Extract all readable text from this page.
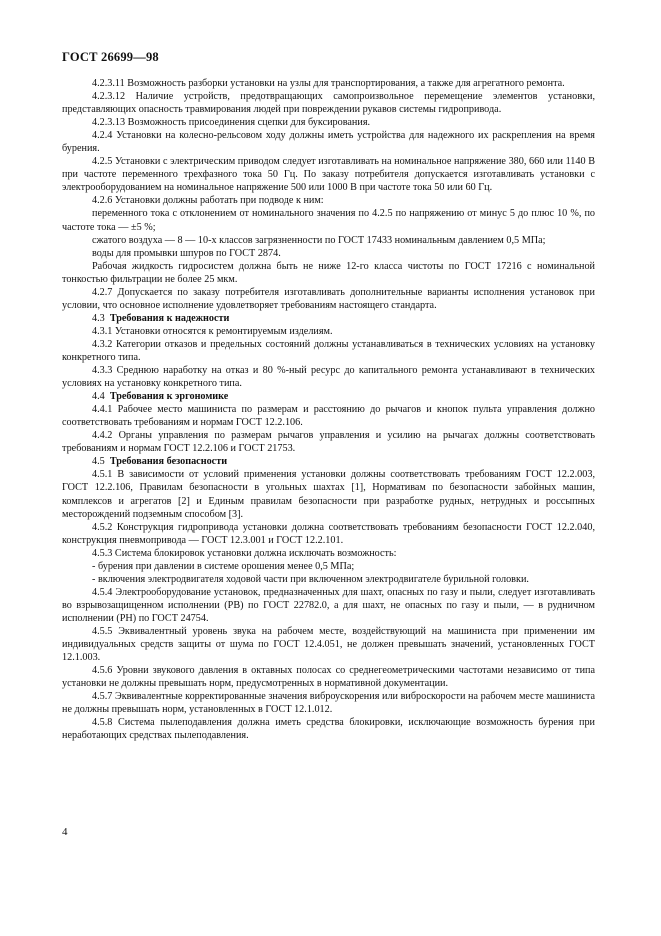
ГОСТ 26699—98

4.2.3.11 Возможность разборки установки на узлы для транспортирования, а также для агрегатного ремонта.

4.2.3.12 Наличие устройств, предотвращающих самопроизвольное перемещение элементов установки, представляющих опасность травмирования людей при повреждении рукавов системы гидропривода.

4.2.3.13 Возможность присоединения сцепки для буксирования.

4.2.4 Установки на колесно-рельсовом ходу должны иметь устройства для надежного их раскрепления на время бурения.

4.2.5 Установки с электрическим приводом следует изготавливать на номинальное напряжение 380, 660 или 1140 В при частоте переменного трехфазного тока 50 Гц. По заказу потребителя допускается изготавливать установки с электрооборудованием на номинальное напряжение 500 или 1000 В при частоте тока 50 или 60 Гц.

4.2.6 Установки должны работать при подводе к ним:

переменного тока с отклонением от номинального значения по 4.2.5 по напряжению от минус 5 до плюс 10 %, по частоте тока — ±5 %;

сжатого воздуха — 8 — 10-х классов загрязненности по ГОСТ 17433 номинальным давлением 0,5 МПа;

воды для промывки шпуров по ГОСТ 2874.

Рабочая жидкость гидросистем должна быть не ниже 12-го класса чистоты по ГОСТ 17216 с номинальной тонкостью фильтрации не более 25 мкм.

4.2.7 Допускается по заказу потребителя изготавливать дополнительные варианты исполнения установок при условии, что основное исполнение удовлетворяет требованиям настоящего стандарта.

4.3 Требования к надежности

4.3.1 Установки относятся к ремонтируемым изделиям.

4.3.2 Категории отказов и предельных состояний должны устанавливаться в технических условиях на установку конкретного типа.

4.3.3 Среднюю наработку на отказ и 80 %-ный ресурс до капитального ремонта устанавливают в технических условиях на установку конкретного типа.

4.4 Требования к эргономике

4.4.1 Рабочее место машиниста по размерам и расстоянию до рычагов и кнопок пульта управления должно соответствовать требованиям и нормам ГОСТ 12.2.106.

4.4.2 Органы управления по размерам рычагов управления и усилию на рычагах должны соответствовать требованиям и нормам ГОСТ 12.2.106 и ГОСТ 21753.

4.5 Требования безопасности

4.5.1 В зависимости от условий применения установки должны соответствовать требованиям ГОСТ 12.2.003, ГОСТ 12.2.106, Правилам безопасности в угольных шахтах [1], Нормативам по безопасности забойных машин, комплексов и агрегатов [2] и Единым правилам безопасности при разработке рудных, нетрудных и россыпных месторождений подземным способом [3].

4.5.2 Конструкция гидропривода установки должна соответствовать требованиям безопасности ГОСТ 12.2.040, конструкция пневмопривода — ГОСТ 12.3.001 и ГОСТ 12.2.101.

4.5.3 Система блокировок установки должна исключать возможность:

- бурения при давлении в системе орошения менее 0,5 МПа;

- включения электродвигателя ходовой части при включенном электродвигателе бурильной головки.

4.5.4 Электрооборудование установок, предназначенных для шахт, опасных по газу и пыли, следует изготавливать во взрывозащищенном исполнении (РВ) по ГОСТ 22782.0, а для шахт, не опасных по газу и пыли, — в рудничном исполнении (РН) по ГОСТ 24754.

4.5.5 Эквивалентный уровень звука на рабочем месте, воздействующий на машиниста при применении им индивидуальных средств защиты от шума по ГОСТ 12.4.051, не должен превышать значений, установленных ГОСТ 12.1.003.

4.5.6 Уровни звукового давления в октавных полосах со среднегеометрическими частотами независимо от типа установки не должны превышать норм, предусмотренных в нормативной документации.

4.5.7 Эквивалентные корректированные значения виброускорения или виброскорости на рабочем месте машиниста не должны превышать норм, установленных в ГОСТ 12.1.012.

4.5.8 Система пылеподавления должна иметь средства блокировки, исключающие возможность бурения при неработающих средствах пылеподавления.

4
